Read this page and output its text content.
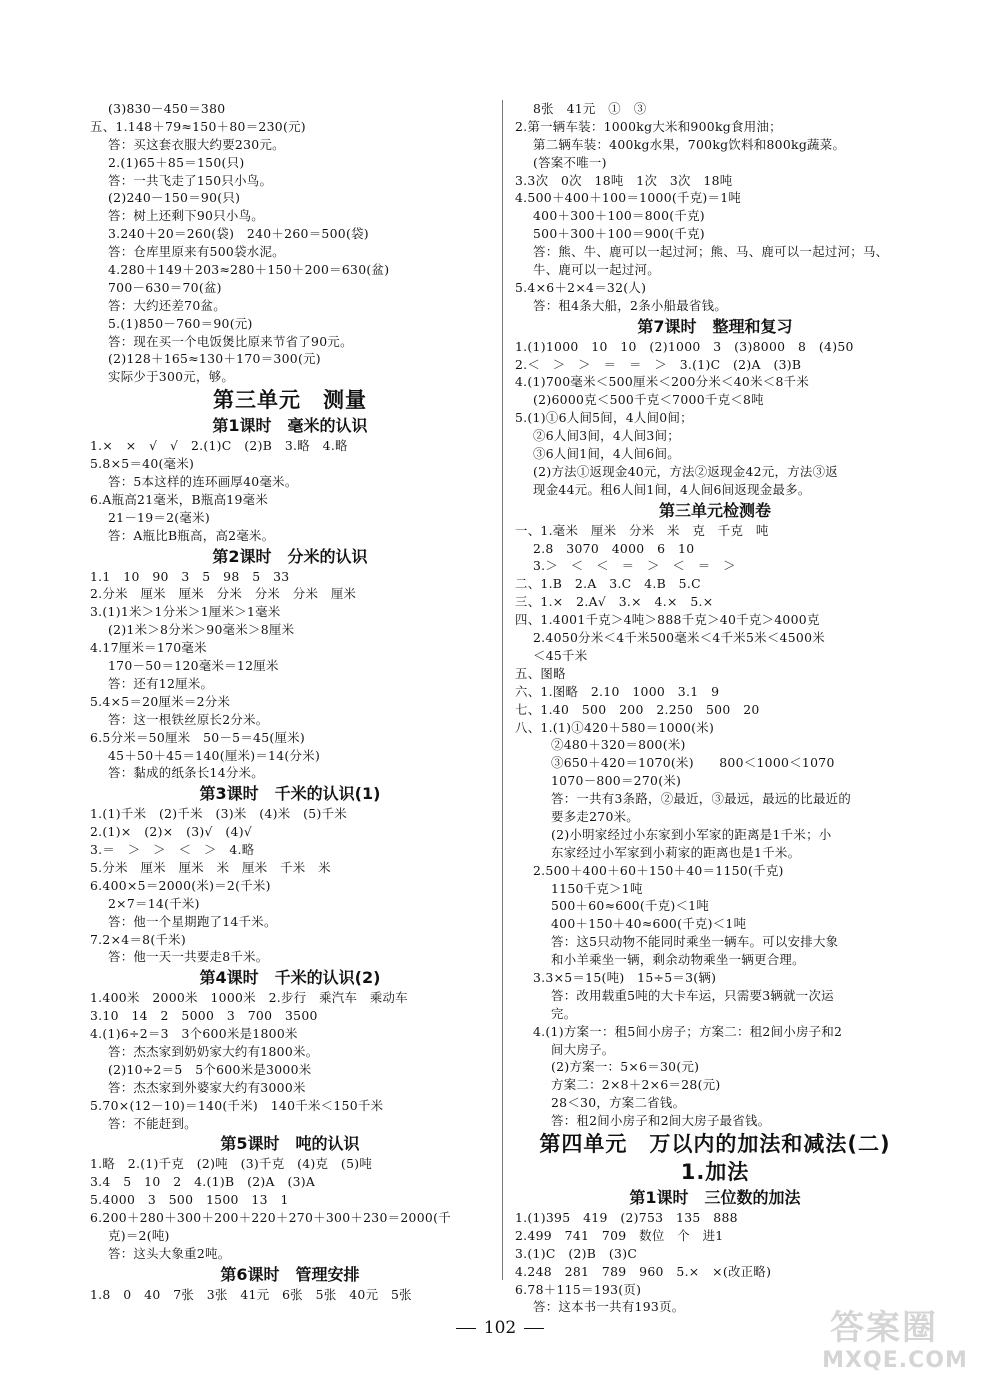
(3)830－450＝380
五、1.148＋79≈150＋80＝230(元)
答：买这套衣服大约要230元。
2.(1)65＋85＝150(只)
答：一共飞走了150只小鸟。
(2)240－150＝90(只)
答：树上还剩下90只小鸟。
3.240＋20＝260(袋)　240＋260＝500(袋)
答：仓库里原来有500袋水泥。
4.280＋149＋203≈280＋150＋200＝630(盆)
700－630＝70(盆)
答：大约还差70盆。
5.(1)850－760＝90(元)
答：现在买一个电饭煲比原来节省了90元。
(2)128＋165≈130＋170＝300(元)
实际少于300元，够。
第三单元　测量
第1课时　毫米的认识
1.×　×　√　√　2.(1)C　(2)B　3.略　4.略
5.8×5＝40(毫米)
答：5本这样的连环画厚40毫米。
6.A瓶高21毫米，B瓶高19毫米
21－19＝2(毫米)
答：A瓶比B瓶高，高2毫米。
第2课时　分米的认识
1.1　10　90　3　5　98　5　33
2.分米　厘米　厘米　分米　分米　分米　厘米
3.(1)1米＞1分米＞1厘米＞1毫米
(2)1米＞8分米＞90毫米＞8厘米
4.17厘米＝170毫米
170－50＝120毫米＝12厘米
答：还有12厘米。
5.4×5＝20厘米＝2分米
答：这一根铁丝原长2分米。
6.5分米＝50厘米　50－5＝45(厘米)
45＋50＋45＝140(厘米)＝14(分米)
答：黏成的纸条长14分米。
第3课时　千米的认识(1)
1.(1)千米　(2)千米　(3)米　(4)米　(5)千米
2.(1)×　(2)×　(3)√　(4)√
3.＝　＞　＞　＜　＞　4.略
5.分米　厘米　厘米　米　厘米　千米　米
6.400×5＝2000(米)＝2(千米)
2×7＝14(千米)
答：他一个星期跑了14千米。
7.2×4＝8(千米)
答：他一天一共要走8千米。
第4课时　千米的认识(2)
1.400米　2000米　1000米　2.步行　乘汽车　乘动车
3.10　14　2　5000　3　700　3500
4.(1)6÷2＝3　3个600米是1800米
答：杰杰家到奶奶家大约有1800米。
(2)10÷2＝5　5个600米是3000米
答：杰杰家到外婆家大约有3000米
5.70×(12－10)＝140(千米)　140千米＜150千米
答：不能赶到。
第5课时　吨的认识
1.略　2.(1)千克　(2)吨　(3)千克　(4)克　(5)吨
3.4　5　10　2　4.(1)B　(2)A　(3)A
5.4000　3　500　1500　13　1
6.200＋280＋300＋200＋220＋270＋300＋230＝2000(千
克)＝2(吨)
答：这头大象重2吨。
第6课时　管理安排
1.8　0　40　7张　3张　41元　6张　5张　40元　5张
8张　41元　①　③
2.第一辆车装：1000kg大米和900kg食用油；
第二辆车装：400kg水果，700kg饮料和800kg蔬菜。
(答案不唯一)
3.3次　0次　18吨　1次　3次　18吨
4.500＋400＋100＝1000(千克)＝1吨
400＋300＋100＝800(千克)
500＋300＋100＝900(千克)
答：熊、牛、鹿可以一起过河；熊、马、鹿可以一起过河；马、
牛、鹿可以一起过河。
5.4×6＋2×4＝32(人)
答：租4条大船，2条小船最省钱。
第7课时　整理和复习
1.(1)1000　10　10　(2)1000　3　(3)8000　8　(4)50
2.＜　＞　＞　＝　＝　＞　3.(1)C　(2)A　(3)B
4.(1)700毫米＜500厘米＜200分米＜40米＜8千米
(2)6000克＜500千克＜7000千克＜8吨
5.(1)①6人间5间，4人间0间；
②6人间3间，4人间3间；
③6人间1间，4人间6间。
(2)方法①返现金40元，方法②返现金42元，方法③返
现金44元。租6人间1间，4人间6间返现金最多。
第三单元检测卷
一、1.毫米　厘米　分米　米　克　千克　吨
2.8　3070　4000　6　10
3.＞　＜　＜　＝　＞　＜　＝　＞
二、1.B　2.A　3.C　4.B　5.C
三、1.×　2.A√　3.×　4.×　5.×
四、1.4001千克＞4吨＞888千克＞40千克＞4000克
2.4050分米＜4千米500毫米＜4千米5米＜4500米
＜45千米
五、图略
六、1.图略　2.10　1000　3.1　9
七、1.40　500　200　2.250　500　20
八、1.(1)①420＋580＝1000(米)
②480＋320＝800(米)
③650＋420＝1070(米)　　800＜1000＜1070
1070－800＝270(米)
答：一共有3条路，②最近，③最远，最远的比最近的
要多走270米。
(2)小明家经过小东家到小军家的距离是1千米；小
东家经过小军家到小莉家的距离也是1千米。
2.500＋400＋60＋150＋40＝1150(千克)
1150千克＞1吨
500＋60≈600(千克)＜1吨
400＋150＋40≈600(千克)＜1吨
答：这5只动物不能同时乘坐一辆车。可以安排大象
和小羊乘坐一辆，剩余动物乘坐一辆更合理。
3.3×5＝15(吨)　15÷5＝3(辆)
答：改用载重5吨的大卡车运，只需要3辆就一次运
完。
4.(1)方案一：租5间小房子；方案二：租2间小房子和2
间大房子。
(2)方案一：5×6＝30(元)
方案二：2×8＋2×6＝28(元)
28＜30，方案二省钱。
答：租2间小房子和2间大房子最省钱。
第四单元　万以内的加法和减法(二)
1.加法
第1课时　三位数的加法
1.(1)395　419　(2)753　135　888
2.499　741　709　数位　个　进1
3.(1)C　(2)B　(3)C
4.248　281　789　960　5.×　×(改正略)
6.78＋115＝193(页)
答：这本书一共有193页。
102	答案圈
MXQE.COM
